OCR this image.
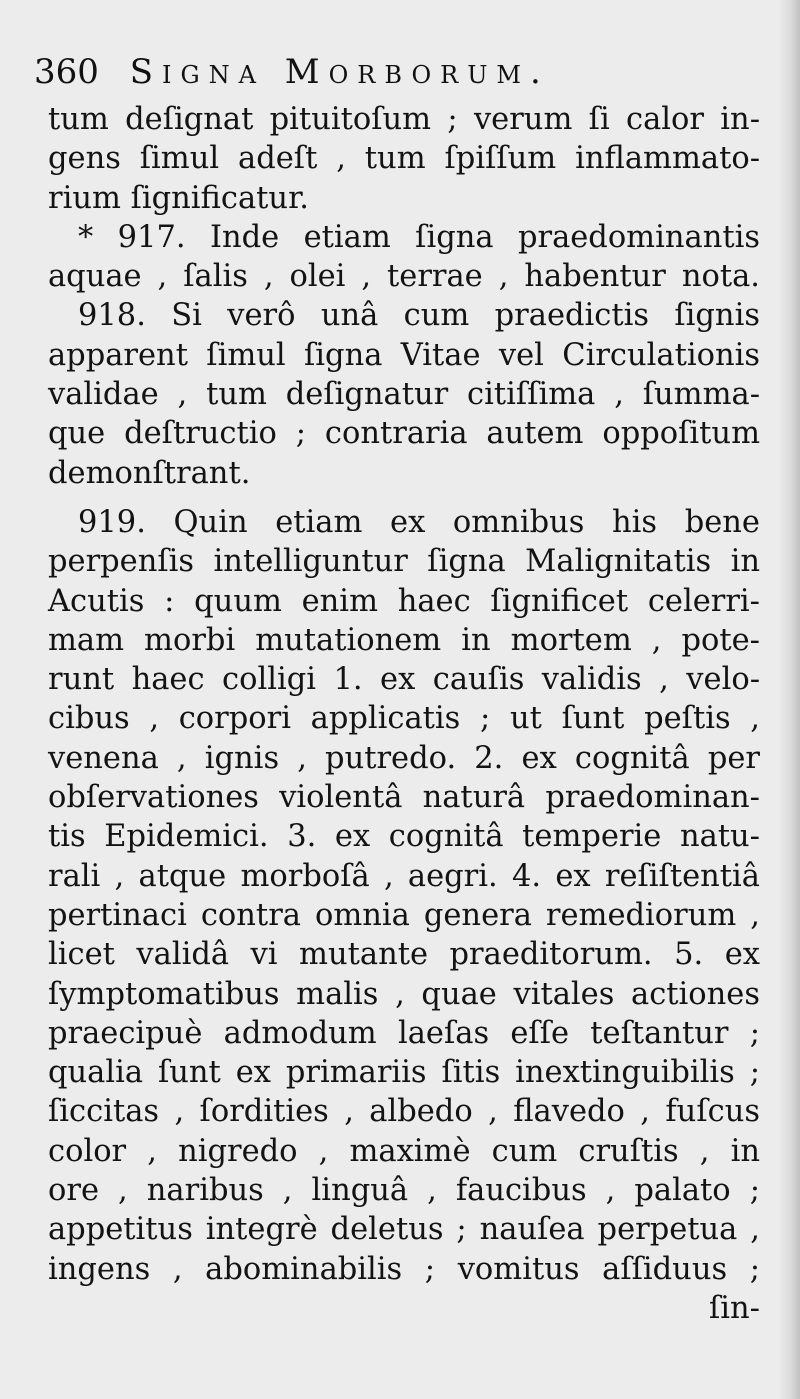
360 Signa Morborum.
tum deſignat pituitoſum ; verum ſi calor in-
gens ſimul adeſt , tum ſpiſſum inflammato-
rium ſignificatur.
* 917. Inde etiam ſigna praedominantis
aquae , ſalis , olei , terrae , habentur nota.
918. Si verô unâ cum praedictis ſignis
apparent ſimul ſigna Vitae vel Circulationis
validae , tum deſignatur citiſſima , ſumma-
que deſtructio ; contraria autem oppoſitum
demonſtrant.
919. Quin etiam ex omnibus his bene
perpenſis intelliguntur ſigna Malignitatis in
Acutis : quum enim haec ſignificet celerri-
mam morbi mutationem in mortem , pote-
runt haec colligi 1. ex cauſis validis , velo-
cibus , corpori applicatis ; ut ſunt peſtis ,
venena , ignis , putredo. 2. ex cognitâ per
obſervationes violentâ naturâ praedominan-
tis Epidemici. 3. ex cognitâ temperie natu-
rali , atque morboſâ , aegri. 4. ex reſiſtentiâ
pertinaci contra omnia genera remediorum ,
licet validâ vi mutante praeditorum. 5. ex
ſymptomatibus malis , quae vitales actiones
praecipuè admodum laeſas eſſe teſtantur ;
qualia ſunt ex primariis ſitis inextinguibilis ;
ſiccitas , ſordities , albedo , flavedo , fuſcus
color , nigredo , maximè cum cruſtis , in
ore , naribus , linguâ , faucibus , palato ;
appetitus integrè deletus ; nauſea perpetua ,
ingens , abominabilis ; vomitus aſſiduus ;
ſin-
